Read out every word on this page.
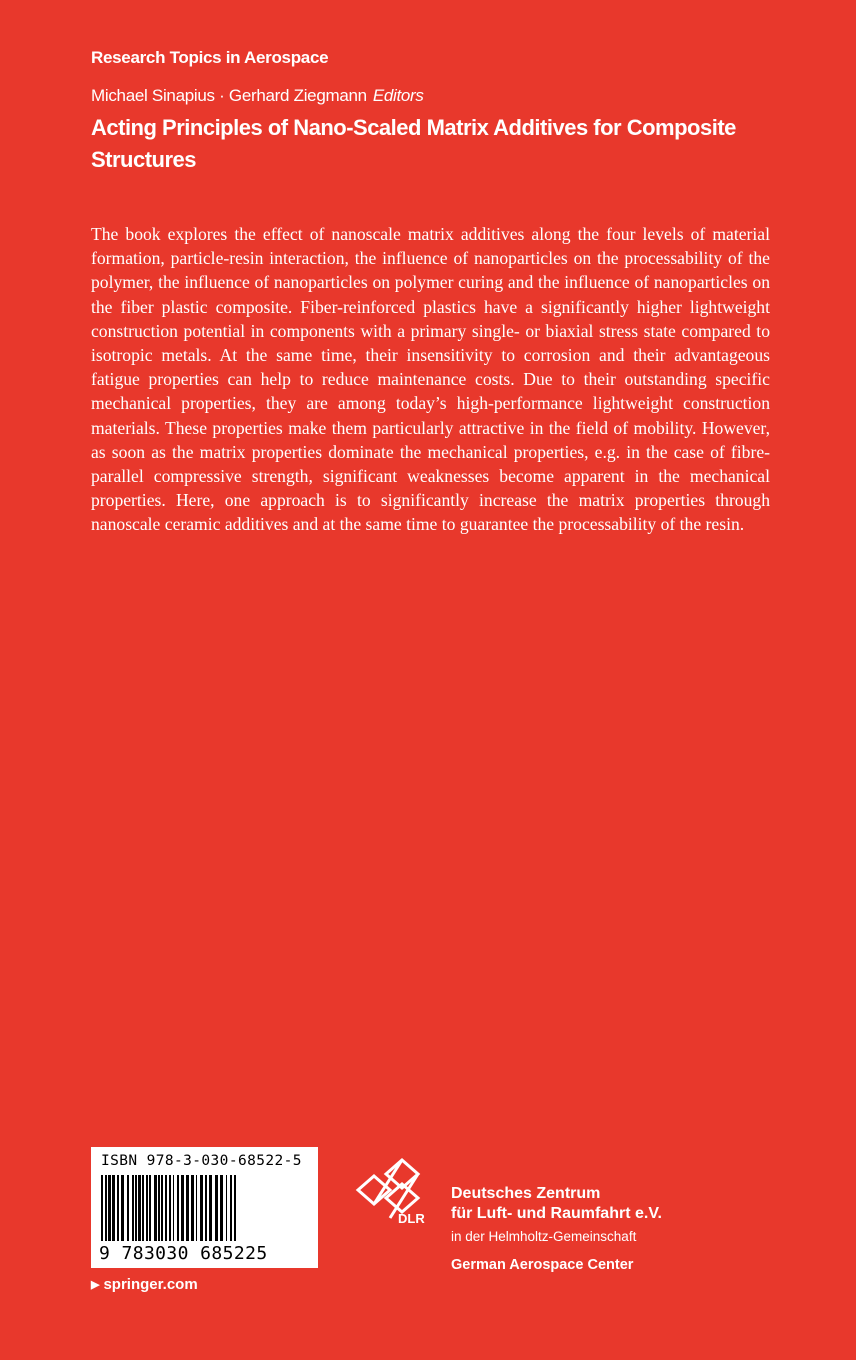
Research Topics in Aerospace
Michael Sinapius · Gerhard Ziegmann Editors
Acting Principles of Nano-Scaled Matrix Additives for Composite Structures

The book explores the effect of nanoscale matrix additives along the four levels of material formation, particle-resin interaction, the influence of nanoparticles on the processability of the polymer, the influence of nanoparticles on polymer curing and the influence of nanoparticles on the fiber plastic composite. Fiber-reinforced plastics have a significantly higher lightweight construction potential in components with a primary single- or biaxial stress state compared to isotropic metals. At the same time, their insensitivity to corrosion and their advantageous fatigue properties can help to reduce maintenance costs. Due to their outstanding specific mechanical properties, they are among today’s high-performance lightweight construction materials. These properties make them particularly attractive in the field of mobility. However, as soon as the matrix properties dominate the mechanical properties, e.g. in the case of fibre-parallel compressive strength, significant weaknesses become apparent in the mechanical properties. Here, one approach is to significantly increase the matrix properties through nanoscale ceramic additives and at the same time to guarantee the processability of the resin.

ISBN 978-3-030-68522-5
9 783030 685225
▶ springer.com
DLR
Deutsches Zentrum
für Luft- und Raumfahrt e.V.
in der Helmholtz-Gemeinschaft
German Aerospace Center
